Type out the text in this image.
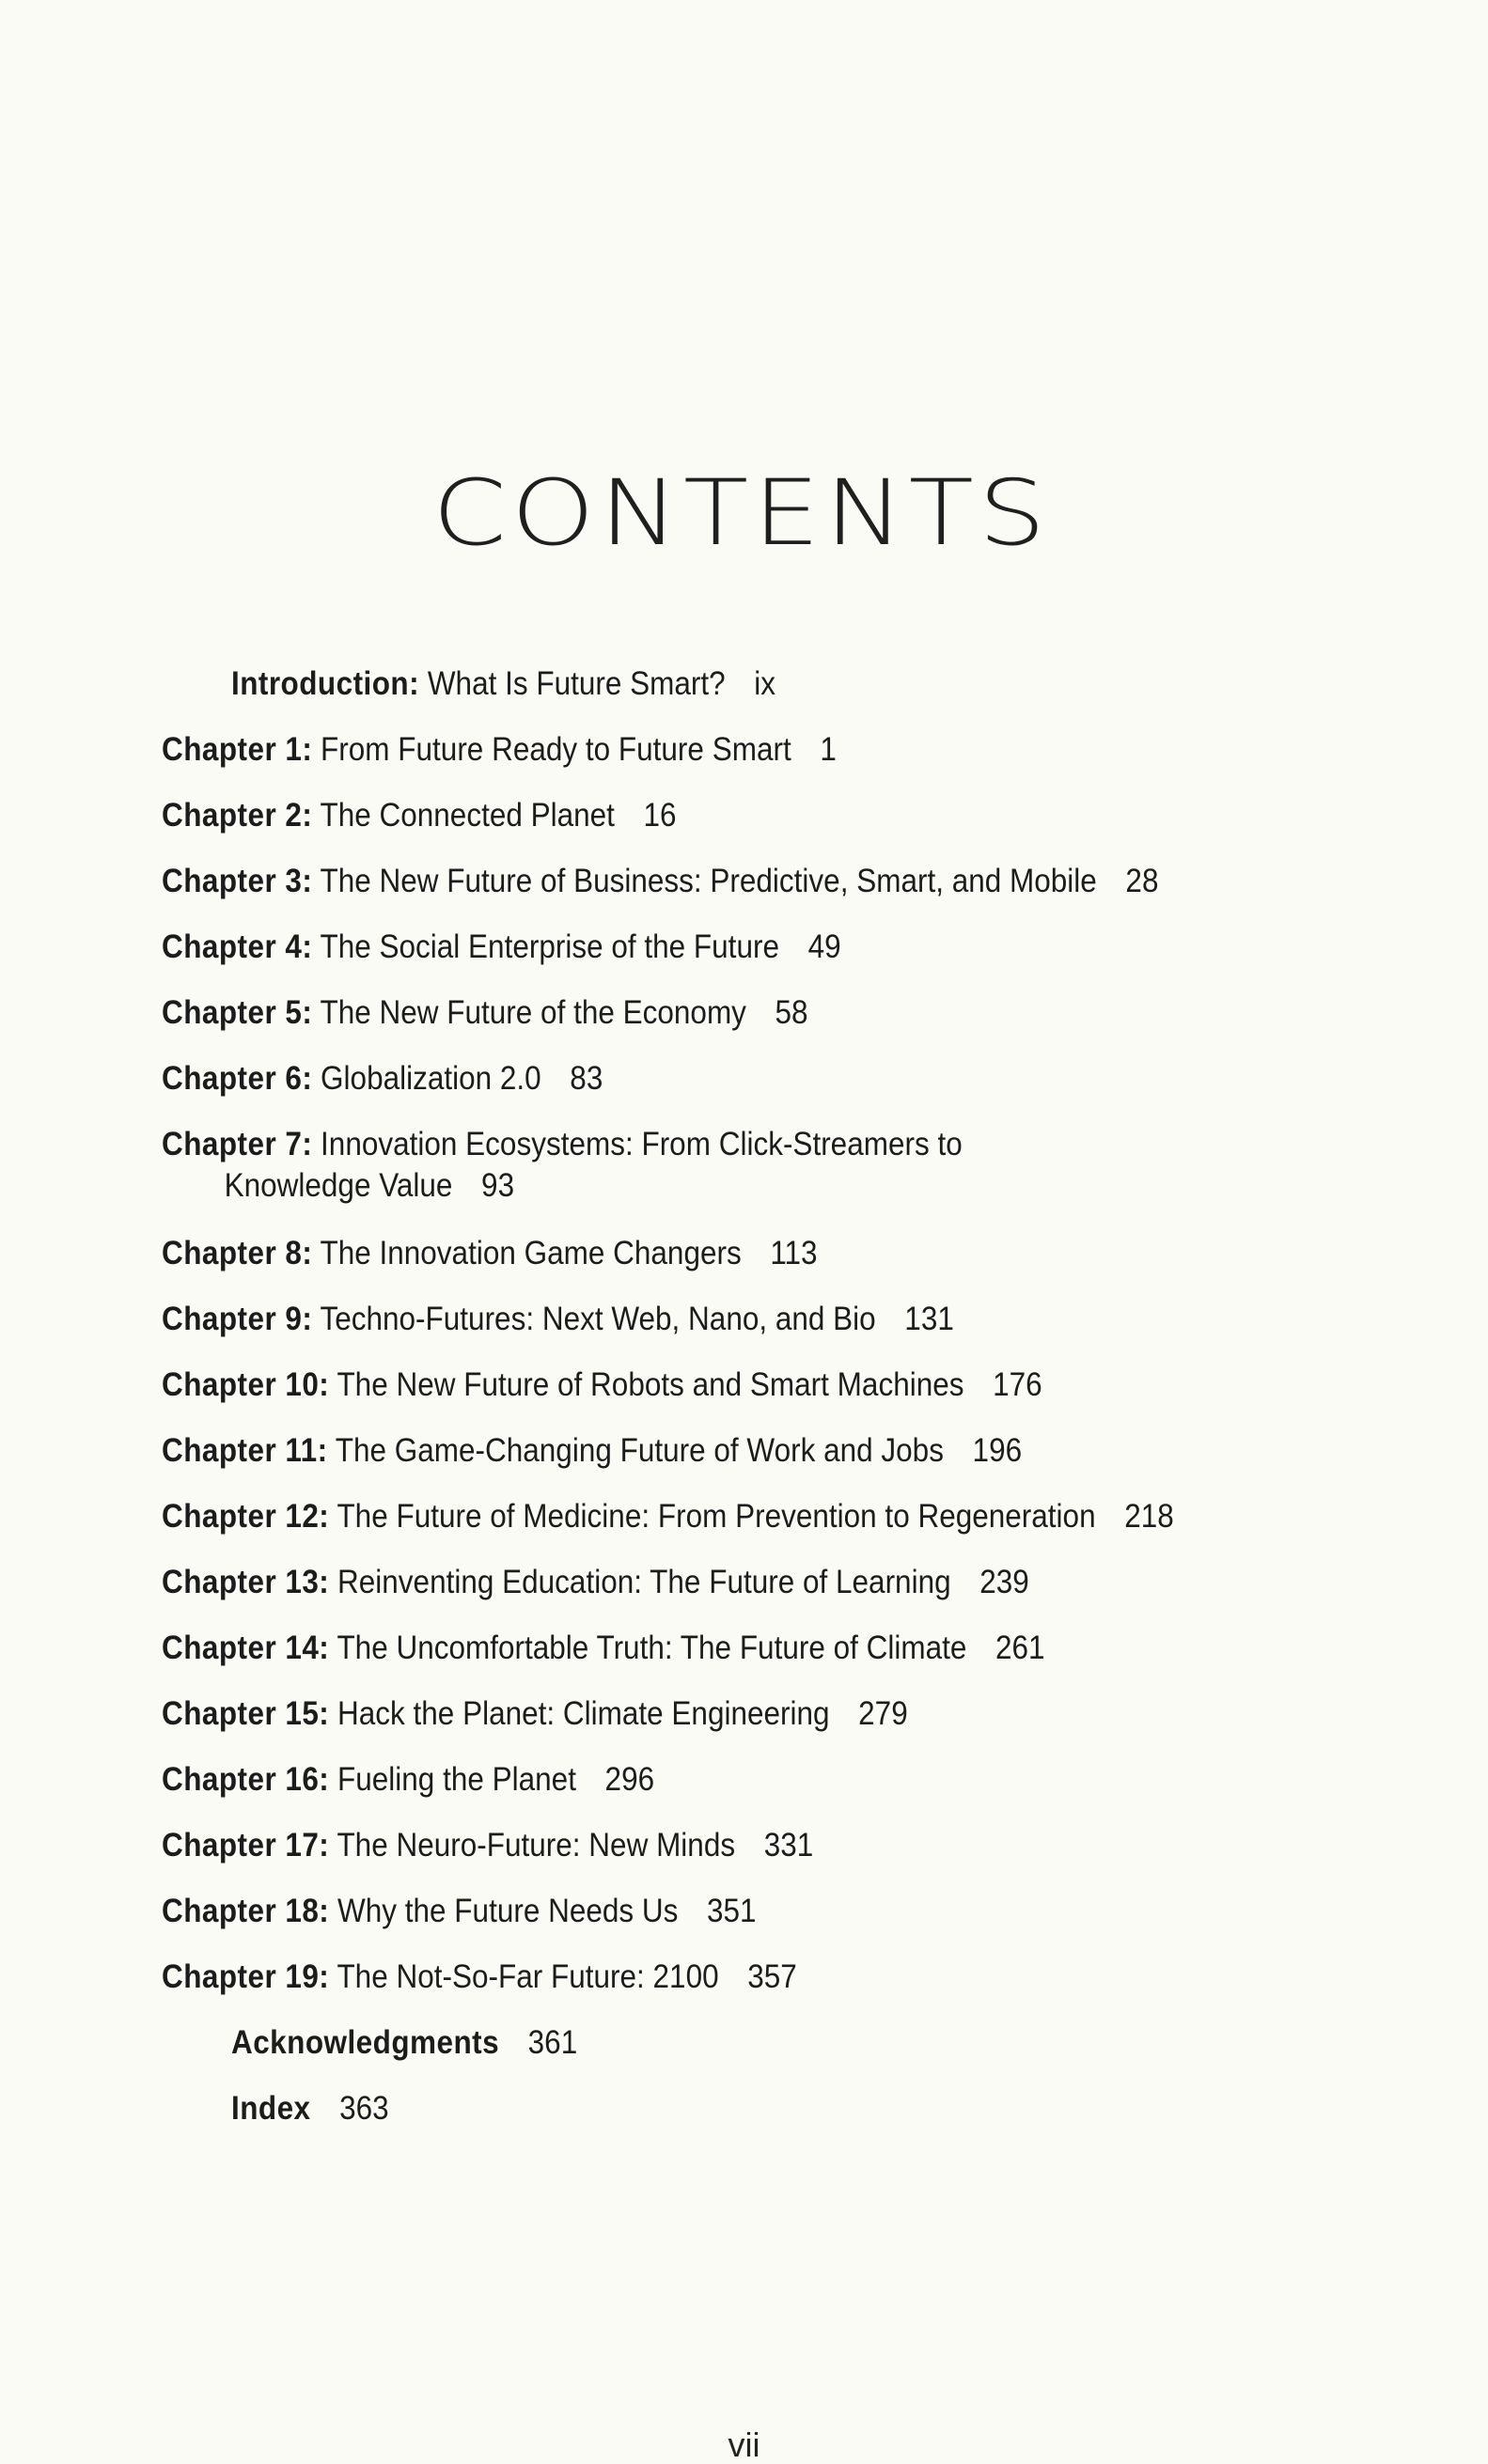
CONTENTS
Introduction: What Is Future Smart? ix
Chapter 1: From Future Ready to Future Smart 1
Chapter 2: The Connected Planet 16
Chapter 3: The New Future of Business: Predictive, Smart, and Mobile 28
Chapter 4: The Social Enterprise of the Future 49
Chapter 5: The New Future of the Economy 58
Chapter 6: Globalization 2.0 83
Chapter 7: Innovation Ecosystems: From Click-Streamers to
Knowledge Value 93
Chapter 8: The Innovation Game Changers 113
Chapter 9: Techno-Futures: Next Web, Nano, and Bio 131
Chapter 10: The New Future of Robots and Smart Machines 176
Chapter 11: The Game-Changing Future of Work and Jobs 196
Chapter 12: The Future of Medicine: From Prevention to Regeneration 218
Chapter 13: Reinventing Education: The Future of Learning 239
Chapter 14: The Uncomfortable Truth: The Future of Climate 261
Chapter 15: Hack the Planet: Climate Engineering 279
Chapter 16: Fueling the Planet 296
Chapter 17: The Neuro-Future: New Minds 331
Chapter 18: Why the Future Needs Us 351
Chapter 19: The Not-So-Far Future: 2100 357
Acknowledgments 361
Index 363
vii
